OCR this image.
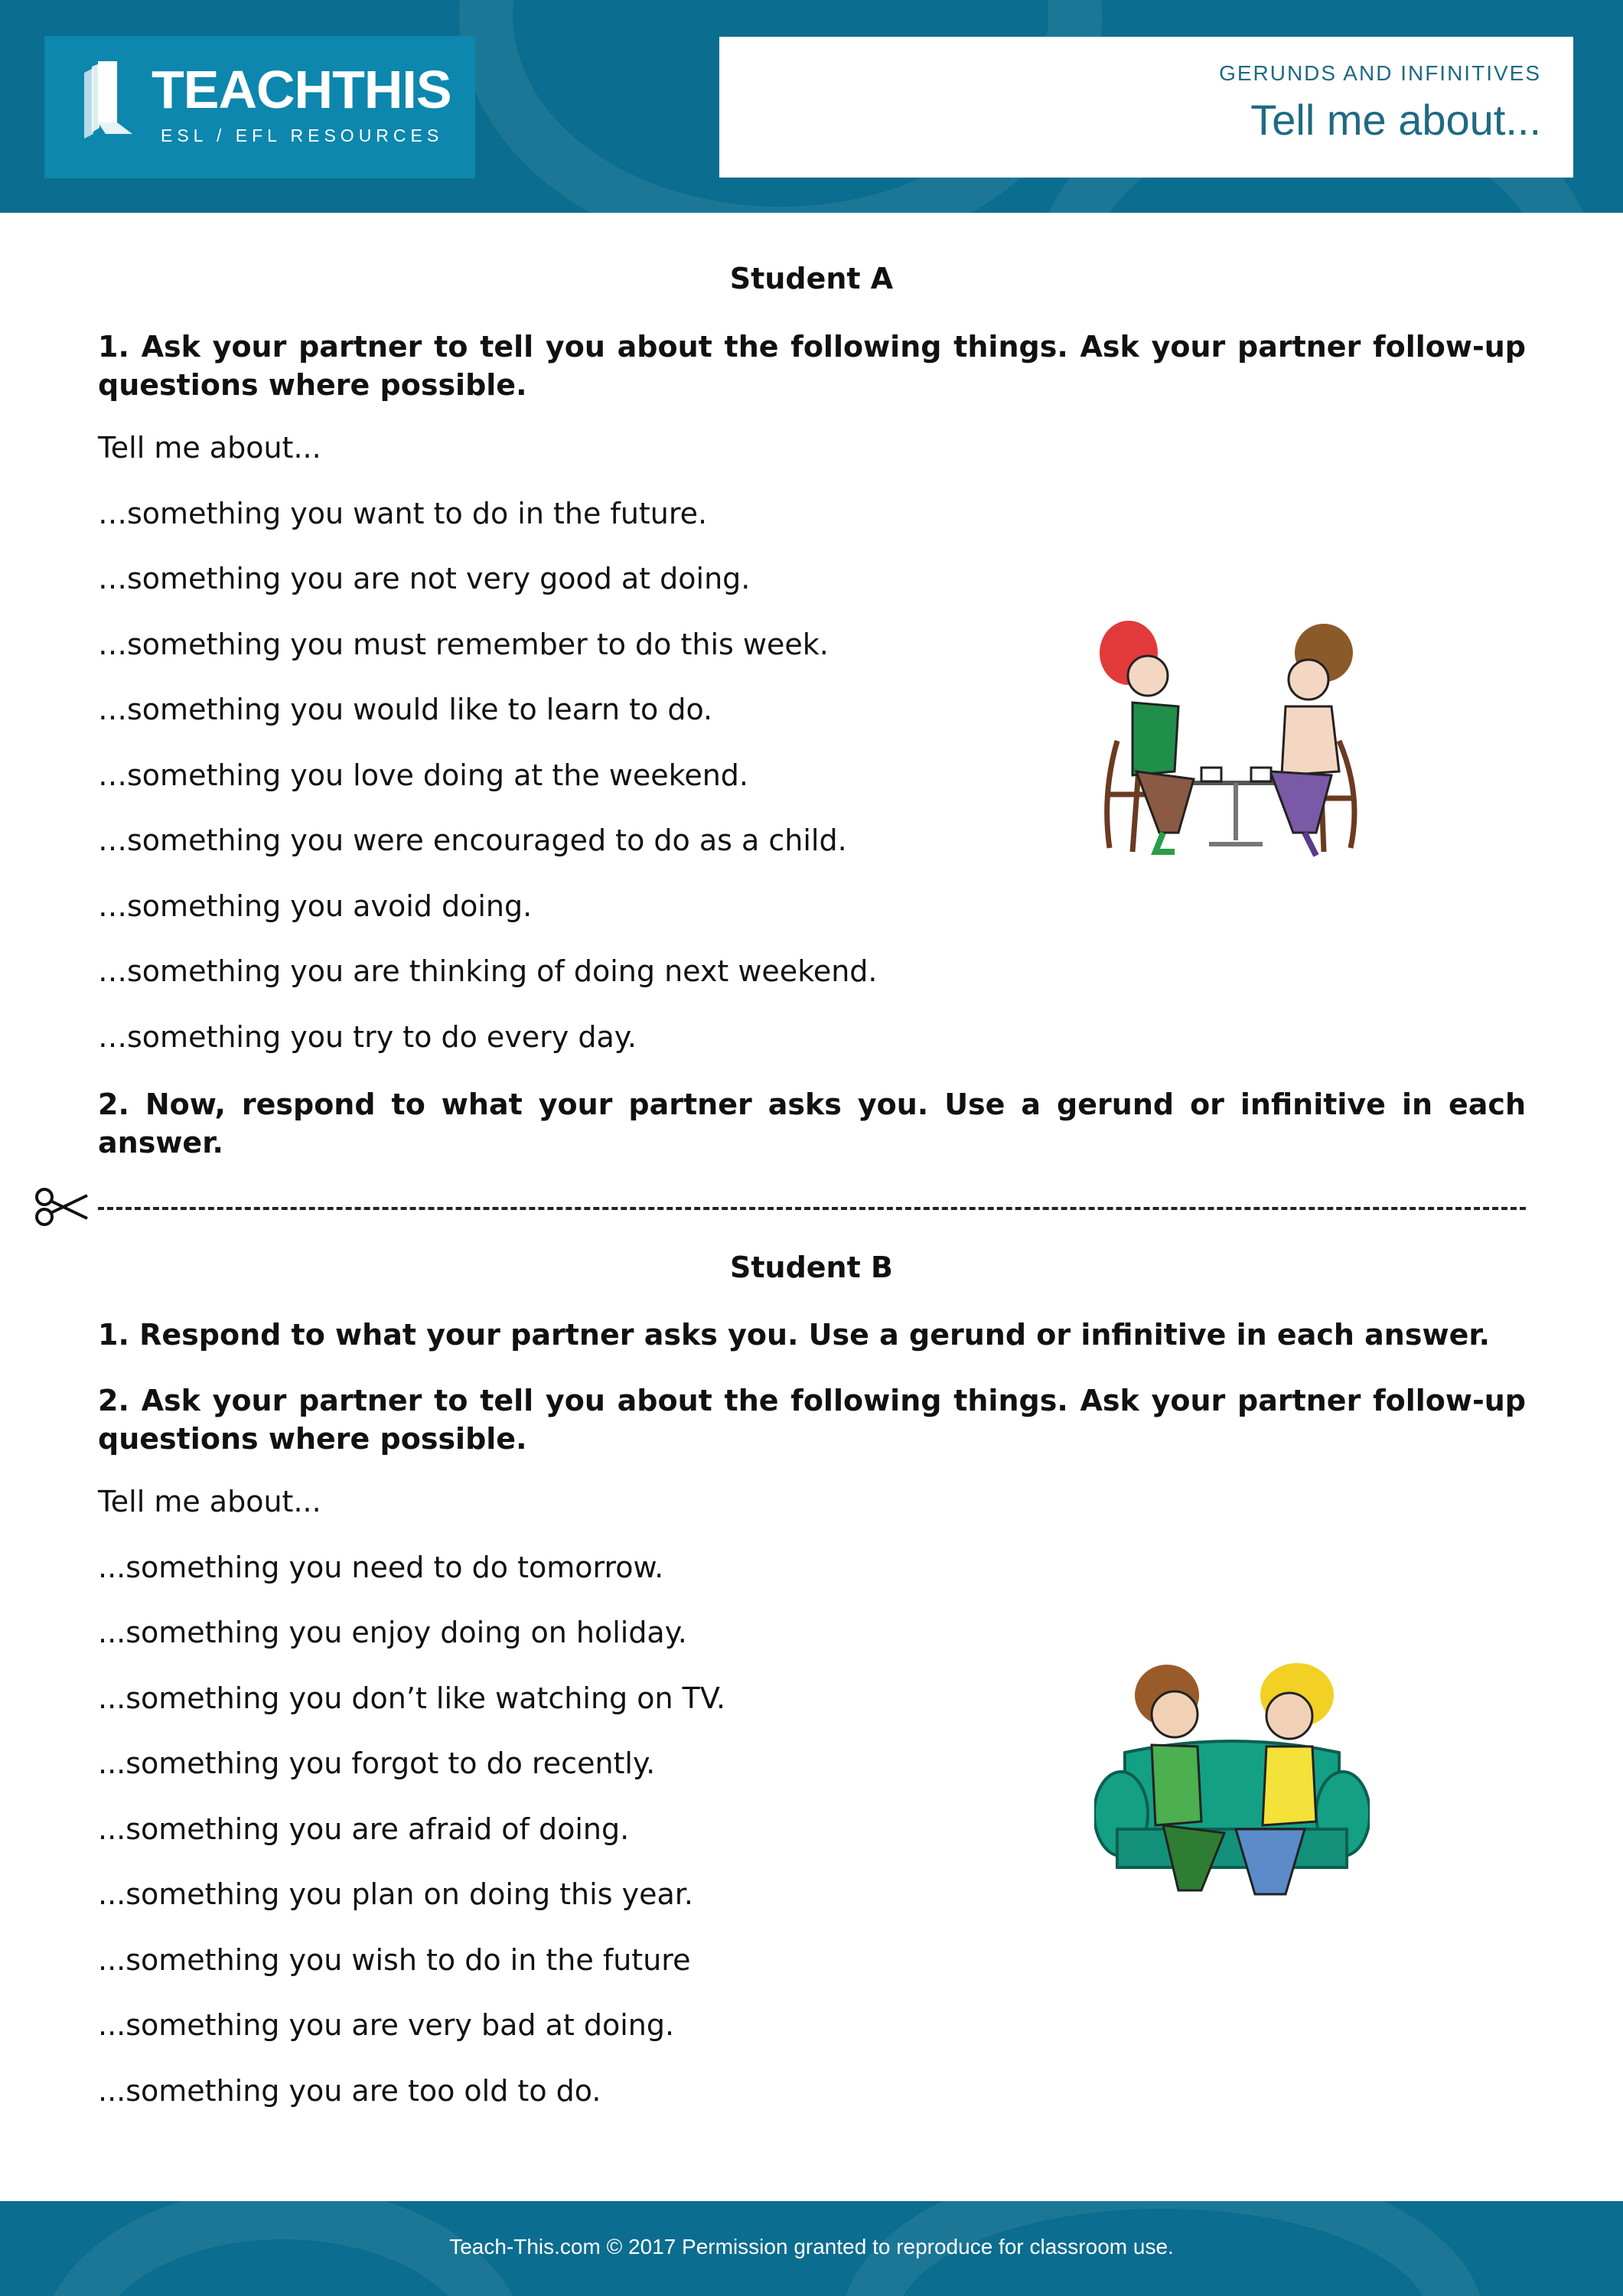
TEACHTHIS
ESL / EFL RESOURCES
GERUNDS AND INFINITIVES
Tell me about...
Student A
1. Ask your partner to tell you about the following things. Ask your partner follow-up questions where possible.
Tell me about...
…something you want to do in the future.
…something you are not very good at doing.
…something you must remember to do this week.
…something you would like to learn to do.
…something you love doing at the weekend.
…something you were encouraged to do as a child.
…something you avoid doing.
…something you are thinking of doing next weekend.
…something you try to do every day.
2. Now, respond to what your partner asks you. Use a gerund or infinitive in each answer.
Student B
1. Respond to what your partner asks you. Use a gerund or infinitive in each answer.
2. Ask your partner to tell you about the following things. Ask your partner follow-up questions where possible.
Tell me about...
...something you need to do tomorrow.
...something you enjoy doing on holiday.
...something you don’t like watching on TV.
...something you forgot to do recently.
...something you are afraid of doing.
...something you plan on doing this year.
...something you wish to do in the future
...something you are very bad at doing.
...something you are too old to do.
Teach-This.com © 2017 Permission granted to reproduce for classroom use.
